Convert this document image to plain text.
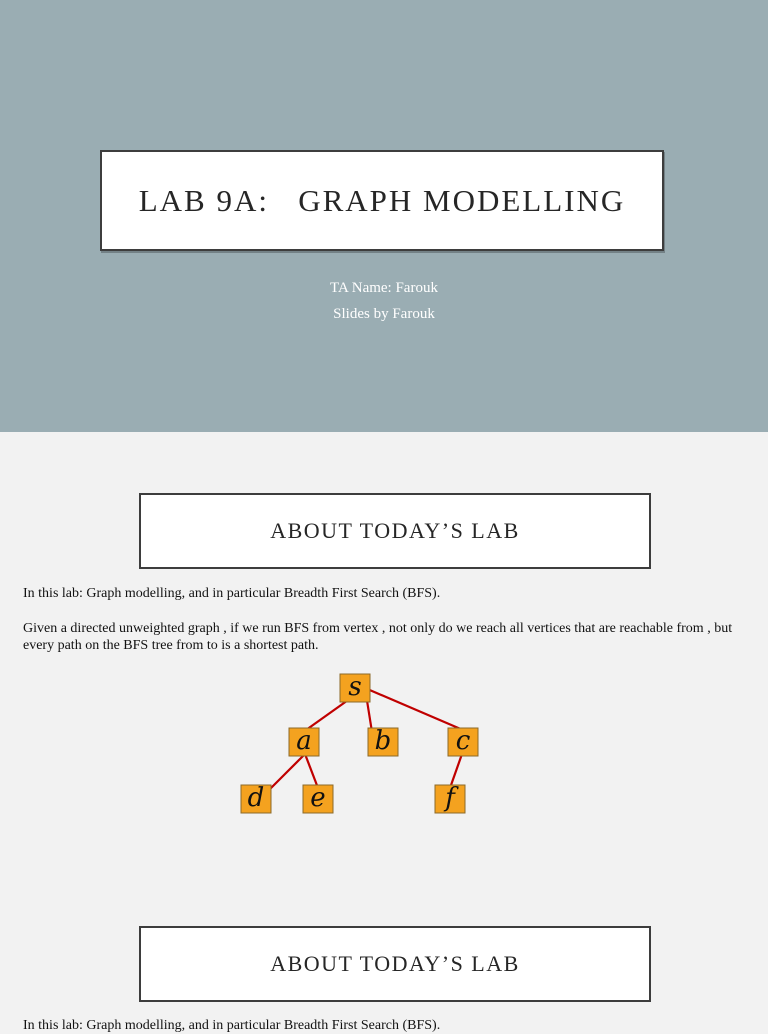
LAB 9A:   GRAPH MODELLING
TA Name: Farouk
Slides by Farouk
ABOUT TODAY’S LAB
In this lab: Graph modelling, and in particular Breadth First Search (BFS).
Given a directed unweighted graph , if we run BFS from vertex , not only do we reach all vertices that are reachable from , but every path on the BFS tree from to is a shortest path.
s
a b c
d e	f
ABOUT TODAY’S LAB
In this lab: Graph modelling, and in particular Breadth First Search (BFS).
